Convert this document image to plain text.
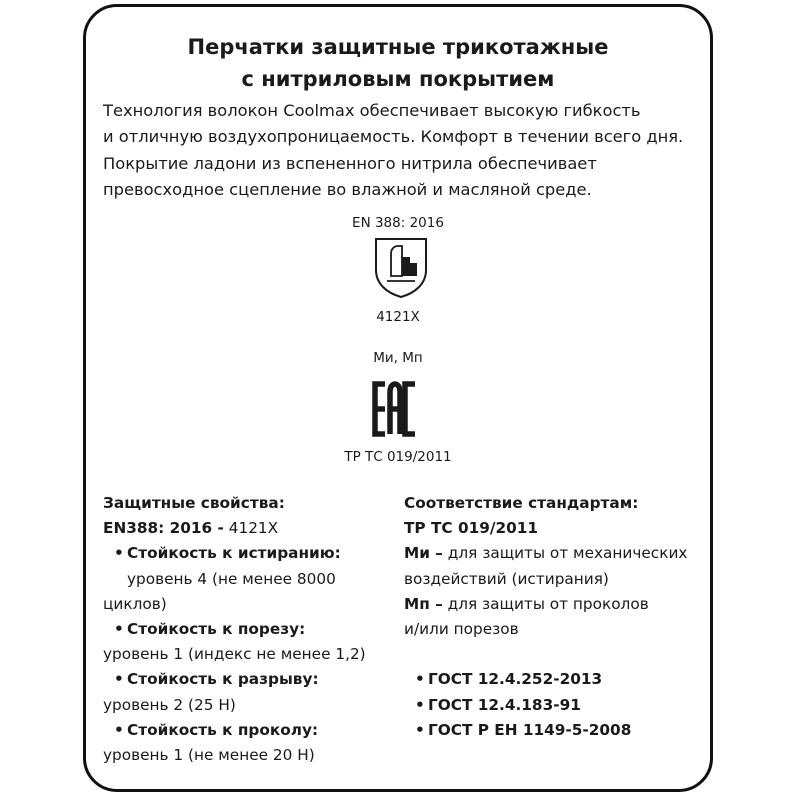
Перчатки защитные трикотажные
с нитриловым покрытием
Технология волокон Coolmax обеспечивает высокую гибкость
и отличную воздухопроницаемость. Комфорт в течении всего дня.
Покрытие ладони из вспененного нитрила обеспечивает
превосходное сцепление во влажной и масляной среде.
EN 388: 2016
4121X
Ми, Мп
ТР ТС 019/2011
Защитные свойства:
EN388: 2016 - 4121X
• Стойкость к истиранию:
уровень 4 (не менее 8000
циклов)
• Стойкость к порезу:
уровень 1 (индекс не менее 1,2)
• Стойкость к разрыву:
уровень 2 (25 Н)
• Стойкость к проколу:
уровень 1 (не менее 20 Н)
Соответствие стандартам:
ТР ТС 019/2011
Ми – для защиты от механических
воздействий (истирания)
Мп – для защиты от проколов
и/или порезов
• ГОСТ 12.4.252-2013
• ГОСТ 12.4.183-91
• ГОСТ Р ЕН 1149-5-2008
